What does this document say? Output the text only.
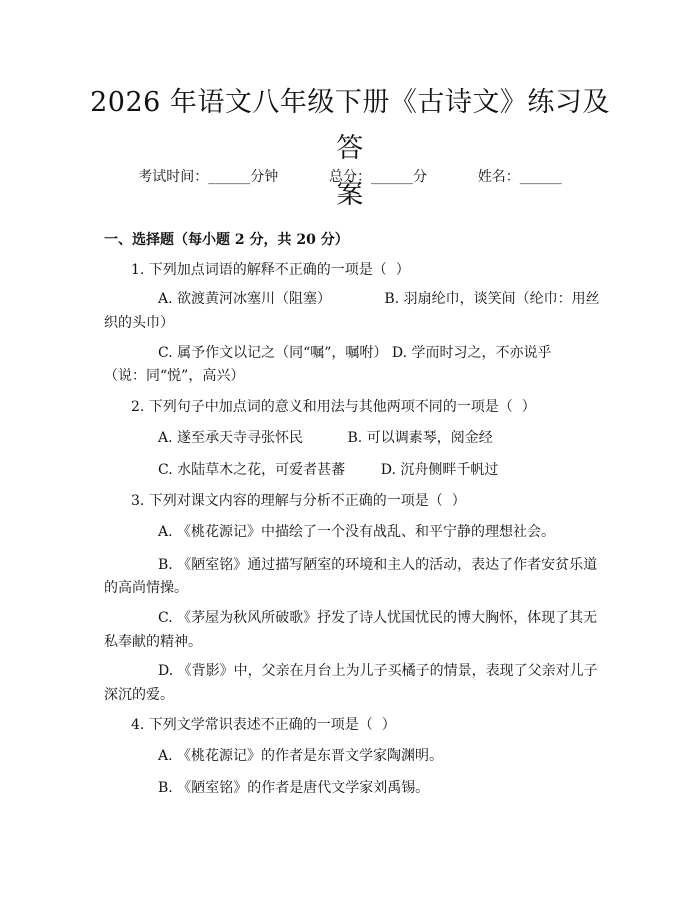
2026 年语文八年级下册《古诗文》练习及答
案
考试时间：______分钟      总分：______分      姓名：______
一、选择题（每小题 2 分，共 20 分）
1. 下列加点词语的解释不正确的一项是（  ）
A. 欲渡黄河冰塞川（阻塞）            B. 羽扇纶巾，谈笑间（纶巾：用丝
织的头巾）
C. 属予作文以记之（同“嘱”，嘱咐） D. 学而时习之，不亦说乎
（说：同“悦”，高兴）
2. 下列句子中加点词的意义和用法与其他两项不同的一项是（  ）
A. 遂至承天寺寻张怀民          B. 可以调素琴，阅金经
C. 水陆草木之花，可爱者甚蕃        D. 沉舟侧畔千帆过
3. 下列对课文内容的理解与分析不正确的一项是（  ）
A. 《桃花源记》中描绘了一个没有战乱、和平宁静的理想社会。
B. 《陋室铭》通过描写陋室的环境和主人的活动，表达了作者安贫乐道
的高尚情操。
C. 《茅屋为秋风所破歌》抒发了诗人忧国忧民的博大胸怀，体现了其无
私奉献的精神。
D. 《背影》中，父亲在月台上为儿子买橘子的情景，表现了父亲对儿子
深沉的爱。
4. 下列文学常识表述不正确的一项是（  ）
A. 《桃花源记》的作者是东晋文学家陶渊明。
B. 《陋室铭》的作者是唐代文学家刘禹锡。
